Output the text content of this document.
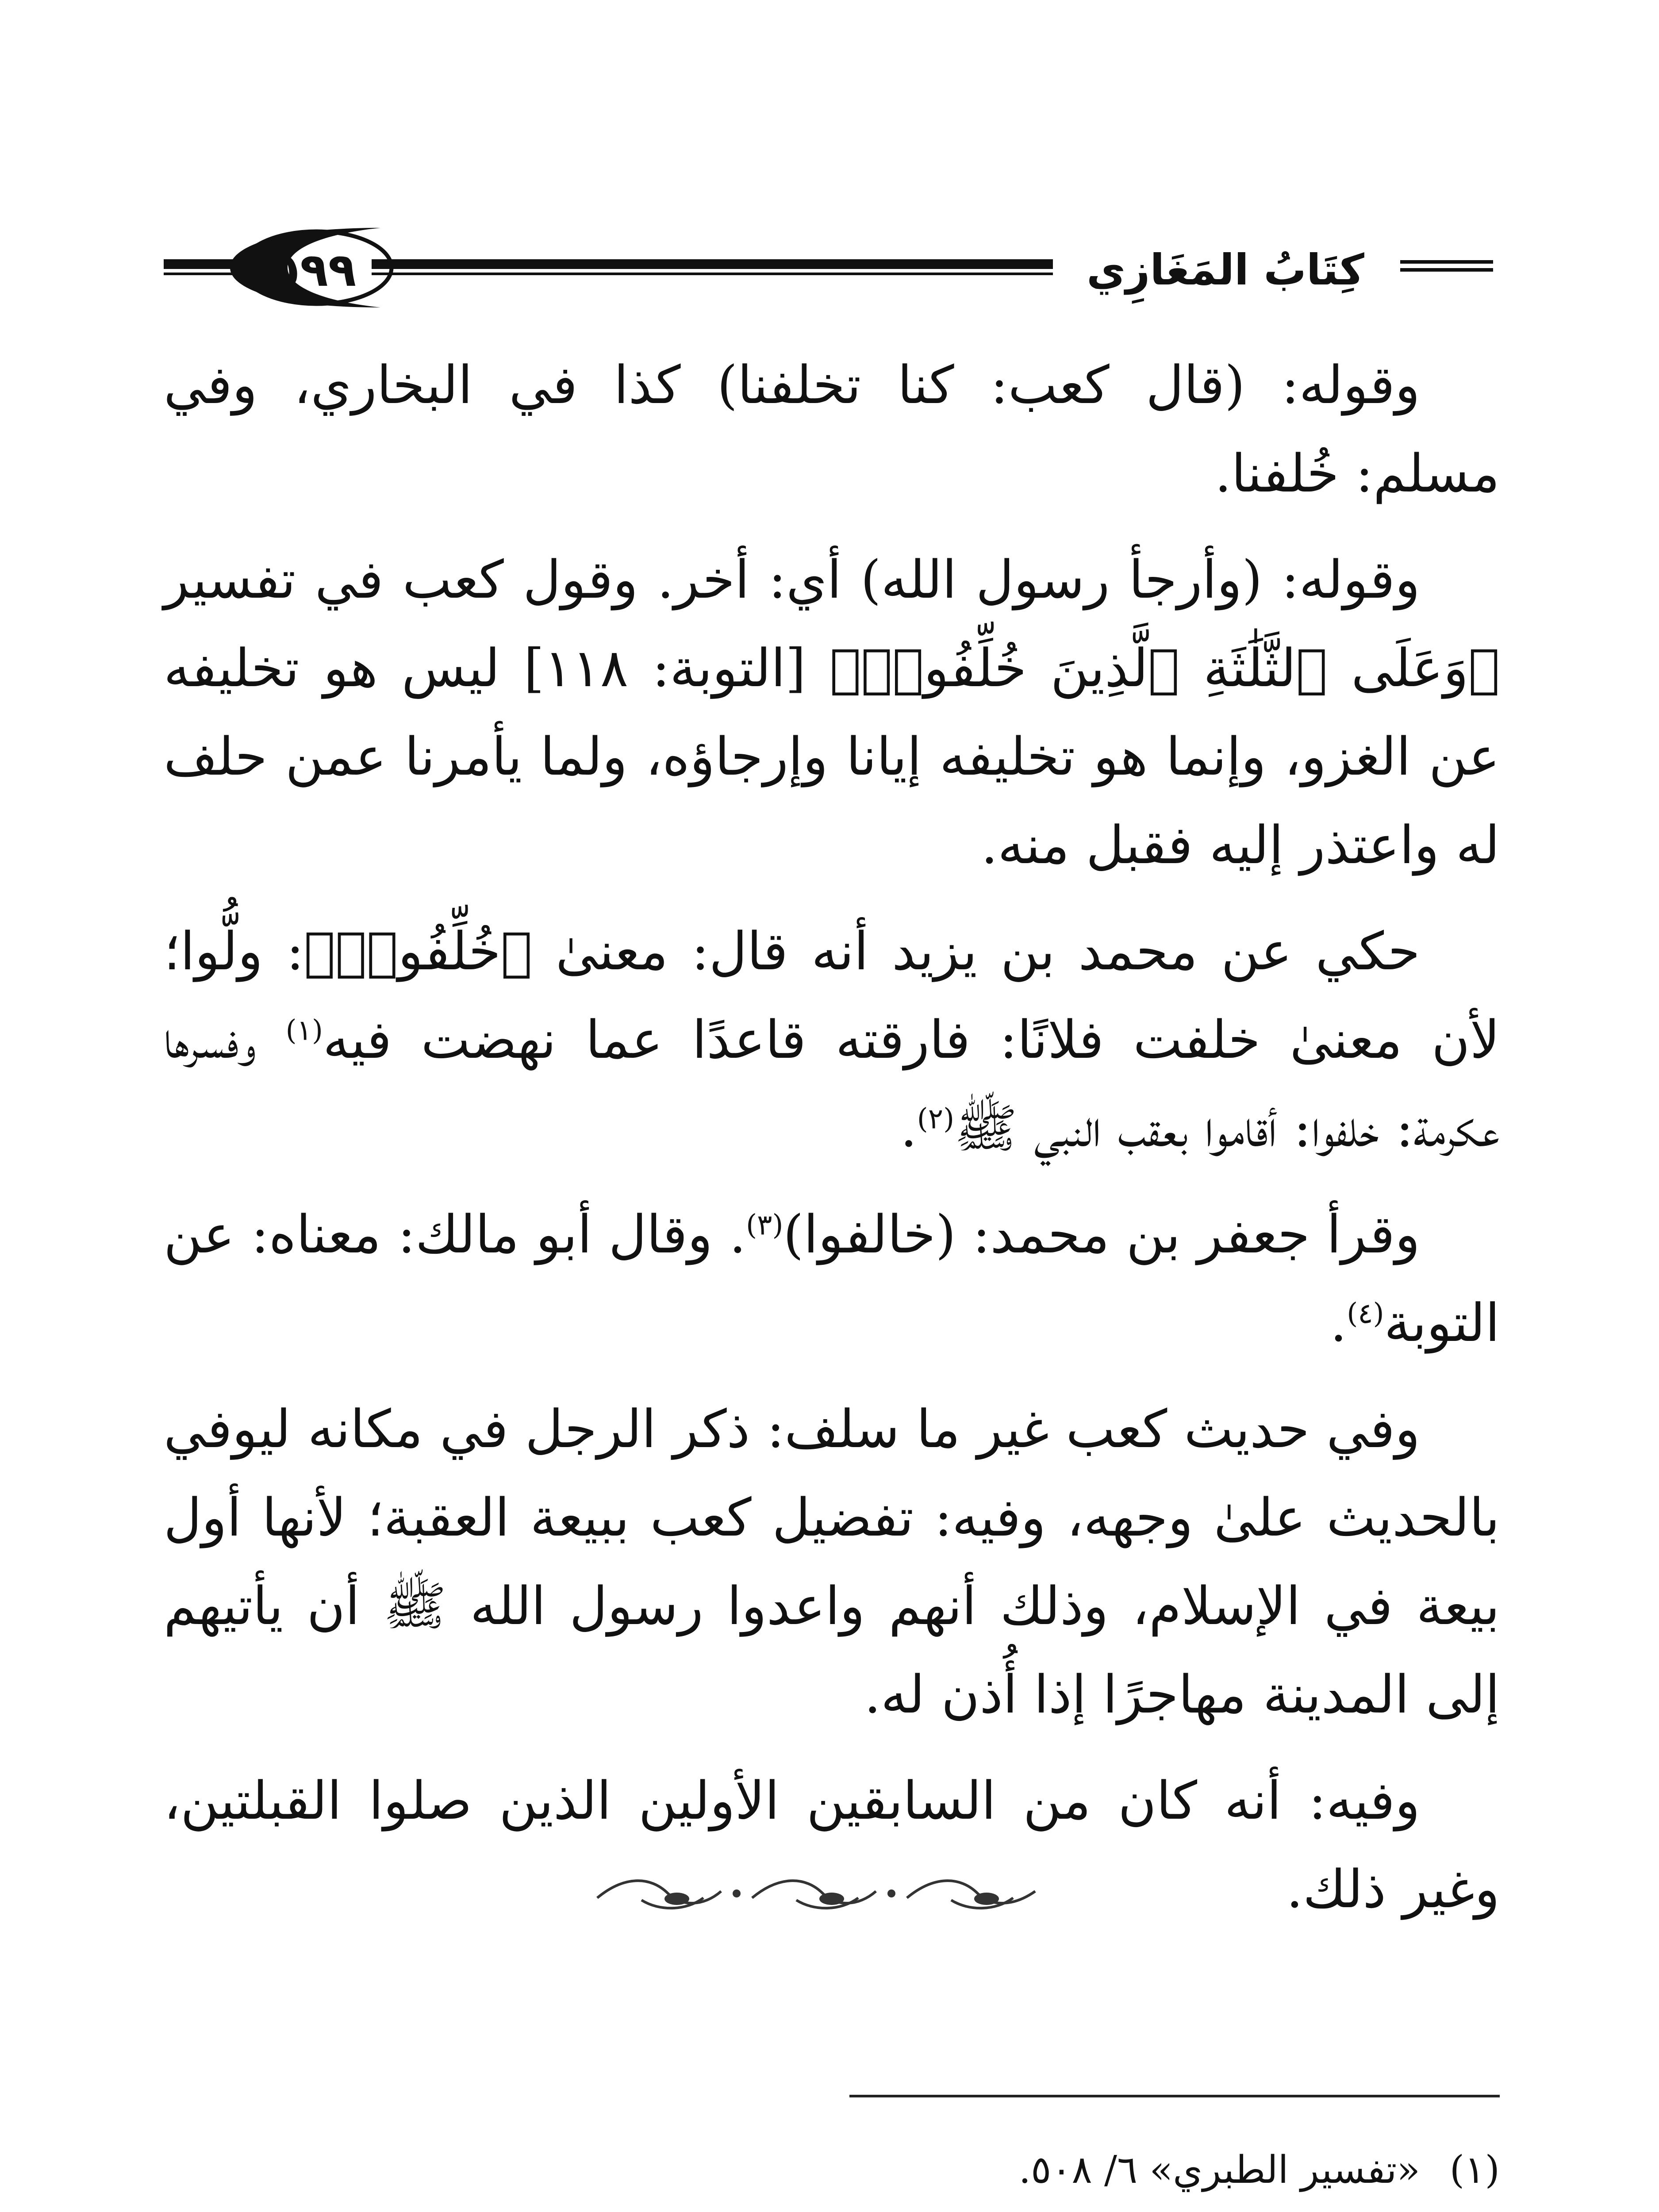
كِتَابُ المَغَازِي
٥٩٩

وقوله: (قال كعب: كنا تخلفنا) كذا في البخاري، وفي مسلم: خُلفنا.

وقوله: (وأرجأ رسول الله) أي: أخر. وقول كعب في تفسير ﴿وَعَلَى ٱلثَّلَٰثَةِ ٱلَّذِينَ خُلِّفُوا۟﴾ [التوبة: ١١٨] ليس هو تخليفه عن الغزو، وإنما هو تخليفه إيانا وإرجاؤه، ولما يأمرنا عمن حلف له واعتذر إليه فقبل منه.

حكي عن محمد بن يزيد أنه قال: معنىٰ ﴿خُلِّفُوا۟﴾: ولُّوا؛ لأن معنىٰ خلفت فلانًا: فارقته قاعدًا عما نهضت فيه$^{(١)}$ وفسرها عكرمة: خلفوا: أقاموا بعقب النبي ﷺ$^{(٢)}$.

وقرأ جعفر بن محمد: (خالفوا)$^{(٣)}$. وقال أبو مالك: معناه: عن التوبة$^{(٤)}$.

وفي حديث كعب غير ما سلف: ذكر الرجل في مكانه ليوفي بالحديث علىٰ وجهه، وفيه: تفضيل كعب ببيعة العقبة؛ لأنها أول بيعة في الإسلام، وذلك أنهم واعدوا رسول الله ﷺ أن يأتيهم إلى المدينة مهاجرًا إذا أُذن له.

وفيه: أنه كان من السابقين الأولين الذين صلوا القبلتين، وغير ذلك.

(١)«تفسير الطبري» ٦/ ٥٠٨.
